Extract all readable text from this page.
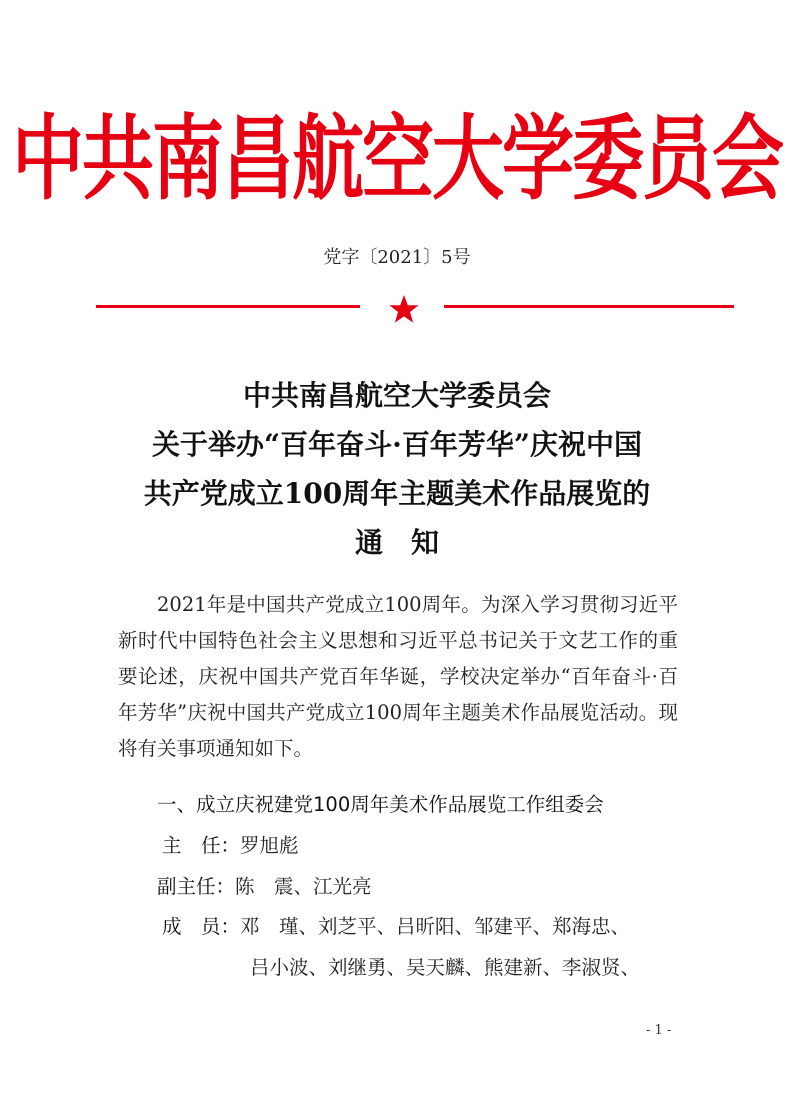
中共南昌航空大学委员会
党字〔2021〕5号
中共南昌航空大学委员会
关于举办“百年奋斗·百年芳华”庆祝中国
共产党成立100周年主题美术作品展览的
通知
2021年是中国共产党成立100周年。为深入学习贯彻习近平新时代中国特色社会主义思想和习近平总书记关于文艺工作的重要论述，庆祝中国共产党百年华诞，学校决定举办“百年奋斗·百年芳华”庆祝中国共产党成立100周年主题美术作品展览活动。现将有关事项通知如下。
一、成立庆祝建党100周年美术作品展览工作组委会
主　任：罗旭彪
副主任：陈　震、江光亮
成　员：邓　瑾、刘芝平、吕昕阳、邹建平、郑海忠、
吕小波、刘继勇、吴天麟、熊建新、李淑贤、
- 1 -
